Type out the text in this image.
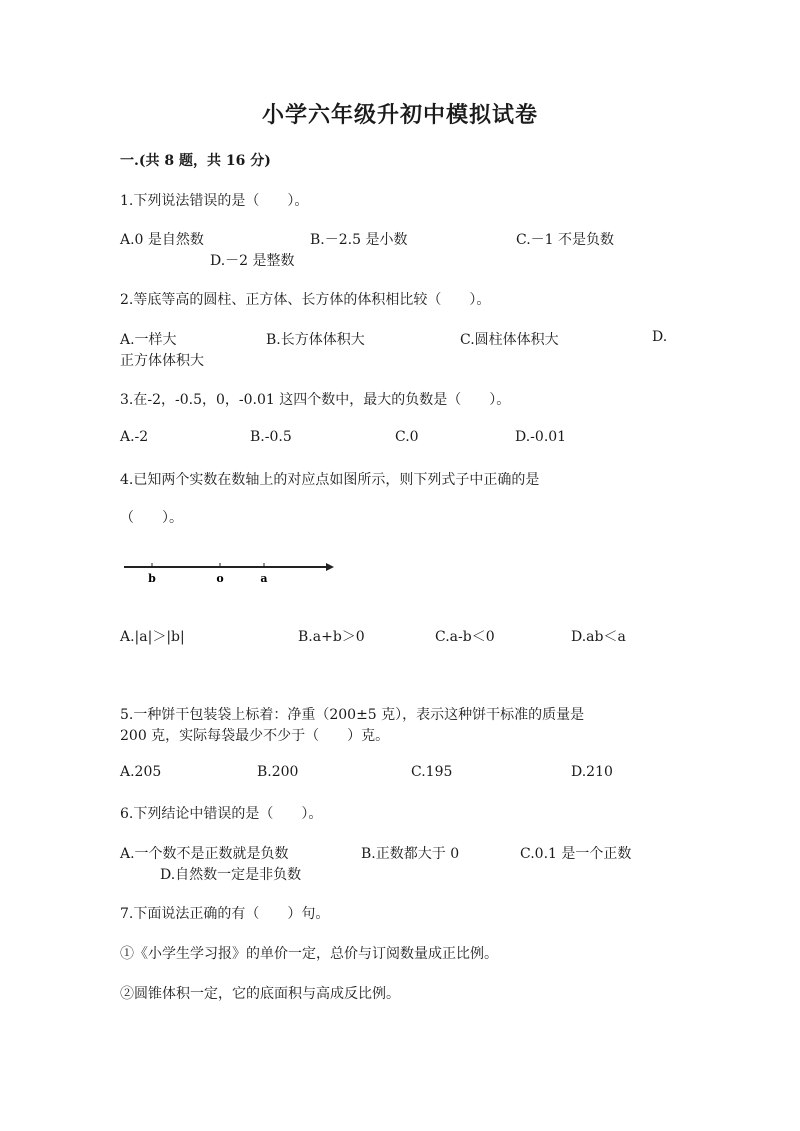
小学六年级升初中模拟试卷
一.(共 8 题，共 16 分)
1.下列说法错误的是（　　）。
A.0 是自然数	B.－2.5 是小数	C.－1 不是负数
D.－2 是整数
2.等底等高的圆柱、正方体、长方体的体积相比较（　　）。
A.一样大	B.长方体体积大	C.圆柱体体积大	D.
正方体体积大
3.在-2，-0.5，0，-0.01 这四个数中，最大的负数是（　　）。
A.-2	B.-0.5	C.0	D.-0.01
4.已知两个实数在数轴上的对应点如图所示，则下列式子中正确的是
（　　）。
b	o	a
A.|a|＞|b|	B.a+b＞0	C.a-b＜0	D.ab＜a
5.一种饼干包装袋上标着：净重（200±5 克），表示这种饼干标准的质量是
200 克，实际每袋最少不少于（　　）克。
A.205	B.200	C.195	D.210
6.下列结论中错误的是（　　）。
A.一个数不是正数就是负数	B.正数都大于 0	C.0.1 是一个正数
D.自然数一定是非负数
7.下面说法正确的有（　　）句。
①《小学生学习报》的单价一定，总价与订阅数量成正比例。
②圆锥体积一定，它的底面积与高成反比例。
